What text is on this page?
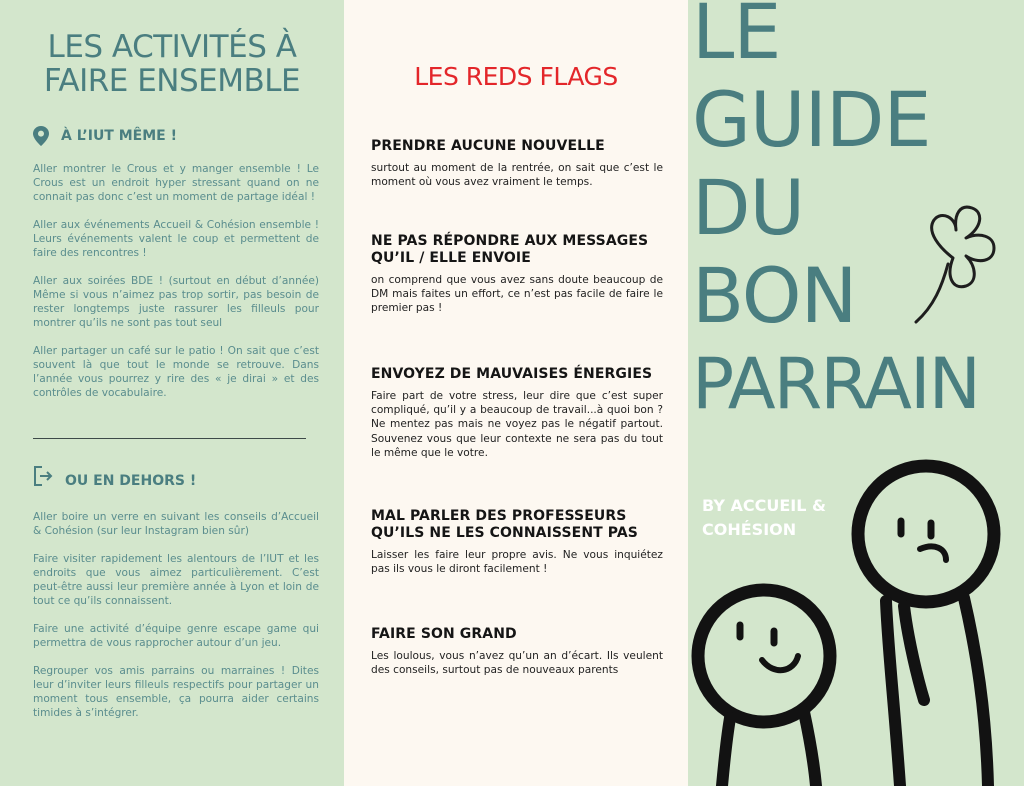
LES ACTIVITÉS À
FAIRE ENSEMBLE
À L’IUT MÊME !

Aller montrer le Crous et y manger ensemble ! Le Crous est un endroit hyper stressant quand on ne connait pas donc c’est un moment de partage idéal !

Aller aux événements Accueil & Cohésion ensemble ! Leurs événements valent le coup et permettent de faire des rencontres !

Aller aux soirées BDE ! (surtout en début d’année) Même si vous n’aimez pas trop sortir, pas besoin de rester longtemps juste rassurer les filleuls pour montrer qu’ils ne sont pas tout seul

Aller partager un café sur le patio ! On sait que c’est souvent là que tout le monde se retrouve. Dans l’année vous pourrez y rire des « je dirai » et des contrôles de vocabulaire.

OU EN DEHORS !

Aller boire un verre en suivant les conseils d’Accueil & Cohésion (sur leur Instagram bien sûr)

Faire visiter rapidement les alentours de l’IUT et les endroits que vous aimez particulièrement. C’est peut-être aussi leur première année à Lyon et loin de tout ce qu’ils connaissent.

Faire une activité d’équipe genre escape game qui permettra de vous rapprocher autour d’un jeu.

Regrouper vos amis parrains ou marraines ! Dites leur d’inviter leurs filleuls respectifs pour partager un moment tous ensemble, ça pourra aider certains timides à s’intégrer.

LES REDS FLAGS
PRENDRE AUCUNE NOUVELLE

surtout au moment de la rentrée, on sait que c’est le moment où vous avez vraiment le temps.

NE PAS RÉPONDRE AUX MESSAGES QU’IL / ELLE ENVOIE

on comprend que vous avez sans doute beaucoup de DM mais faites un effort, ce n’est pas facile de faire le premier pas !

ENVOYEZ DE MAUVAISES ÉNERGIES

Faire part de votre stress, leur dire que c’est super compliqué, qu’il y a beaucoup de travail...à quoi bon ? Ne mentez pas mais ne voyez pas le négatif partout. Souvenez vous que leur contexte ne sera pas du tout le même que le votre.

MAL PARLER DES PROFESSEURS QU’ILS NE LES CONNAISSENT PAS

Laisser les faire leur propre avis. Ne vous inquiétez pas ils vous le diront facilement !

FAIRE SON GRAND

Les loulous, vous n’avez qu’un an d’écart. Ils veulent des conseils, surtout pas de nouveaux parents

LE
GUIDE
DU
BON
PARRAIN
BY ACCUEIL &
COHÉSION
